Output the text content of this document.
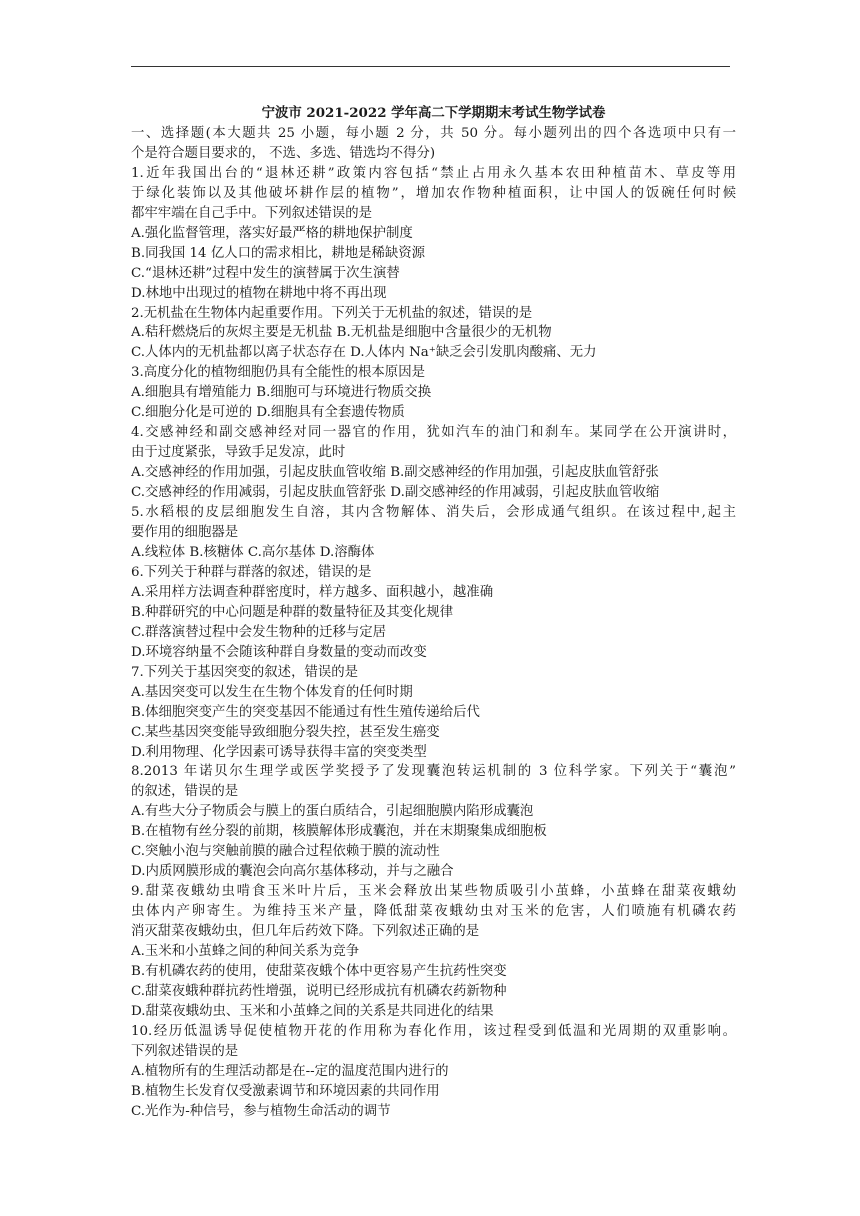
宁波市 2021-2022 学年高二下学期期末考试生物学试卷
一、选择题(本大题共 25 小题，每小题 2 分，共 50 分。每小题列出的四个各选项中只有一
个是符合题目要求的， 不选、多选、错选均不得分)
1.近年我国出台的“退林还耕”政策内容包括“禁止占用永久基本农田种植苗木、草皮等用
于绿化装饰以及其他破坏耕作层的植物”，增加农作物种植面积，让中国人的饭碗任何时候
都牢牢端在自己手中。下列叙述错误的是
A.强化监督管理，落实好最严格的耕地保护制度
B.同我国 14 亿人口的需求相比，耕地是稀缺资源
C.“退林还耕”过程中发生的演替属于次生演替
D.林地中出现过的植物在耕地中将不再出现
2.无机盐在生物体内起重要作用。下列关于无机盐的叙述，错误的是
A.秸秆燃烧后的灰烬主要是无机盐 B.无机盐是细胞中含量很少的无机物
C.人体内的无机盐都以离子状态存在 D.人体内 Na⁺缺乏会引发肌肉酸痛、无力
3.高度分化的植物细胞仍具有全能性的根本原因是
A.细胞具有增殖能力 B.细胞可与环境进行物质交换
C.细胞分化是可逆的 D.细胞具有全套遗传物质
4.交感神经和副交感神经对同一器官的作用，犹如汽车的油门和刹车。某同学在公开演讲时，
由于过度紧张，导致手足发凉，此时
A.交感神经的作用加强，引起皮肤血管收缩 B.副交感神经的作用加强，引起皮肤血管舒张
C.交感神经的作用减弱，引起皮肤血管舒张 D.副交感神经的作用减弱，引起皮肤血管收缩
5.水稻根的皮层细胞发生自溶，其内含物解体、消失后，会形成通气组织。在该过程中,起主
要作用的细胞器是
A.线粒体 B.核糖体 C.高尔基体 D.溶酶体
6.下列关于种群与群落的叙述，错误的是
A.采用样方法调查种群密度时，样方越多、面积越小，越准确
B.种群研究的中心问题是种群的数量特征及其变化规律
C.群落演替过程中会发生物种的迁移与定居
D.环境容纳量不会随该种群自身数量的变动而改变
7.下列关于基因突变的叙述，错误的是
A.基因突变可以发生在生物个体发育的任何时期
B.体细胞突变产生的突变基因不能通过有性生殖传递给后代
C.某些基因突变能导致细胞分裂失控，甚至发生癌变
D.利用物理、化学因素可诱导获得丰富的突变类型
8.2013 年诺贝尔生理学或医学奖授予了发现囊泡转运机制的 3 位科学家。下列关于“囊泡”
的叙述，错误的是
A.有些大分子物质会与膜上的蛋白质结合，引起细胞膜内陷形成囊泡
B.在植物有丝分裂的前期，核膜解体形成囊泡，并在末期聚集成细胞板
C.突触小泡与突触前膜的融合过程依赖于膜的流动性
D.内质网膜形成的囊泡会向高尔基体移动，并与之融合
9.甜菜夜蛾幼虫啃食玉米叶片后，玉米会释放出某些物质吸引小茧蜂，小茧蜂在甜菜夜蛾幼
虫体内产卵寄生。为维持玉米产量，降低甜菜夜蛾幼虫对玉米的危害，人们喷施有机磷农药
消灭甜菜夜蛾幼虫，但几年后药效下降。下列叙述正确的是
A.玉米和小茧蜂之间的种间关系为竞争
B.有机磷农药的使用，使甜菜夜蛾个体中更容易产生抗药性突变
C.甜菜夜蛾种群抗药性增强，说明已经形成抗有机磷农药新物种
D.甜菜夜蛾幼虫、玉米和小茧蜂之间的关系是共同进化的结果
10.经历低温诱导促使植物开花的作用称为春化作用，该过程受到低温和光周期的双重影响。
下列叙述错误的是
A.植物所有的生理活动都是在--定的温度范围内进行的
B.植物生长发育仅受激素调节和环境因素的共同作用
C.光作为-种信号，参与植物生命活动的调节
